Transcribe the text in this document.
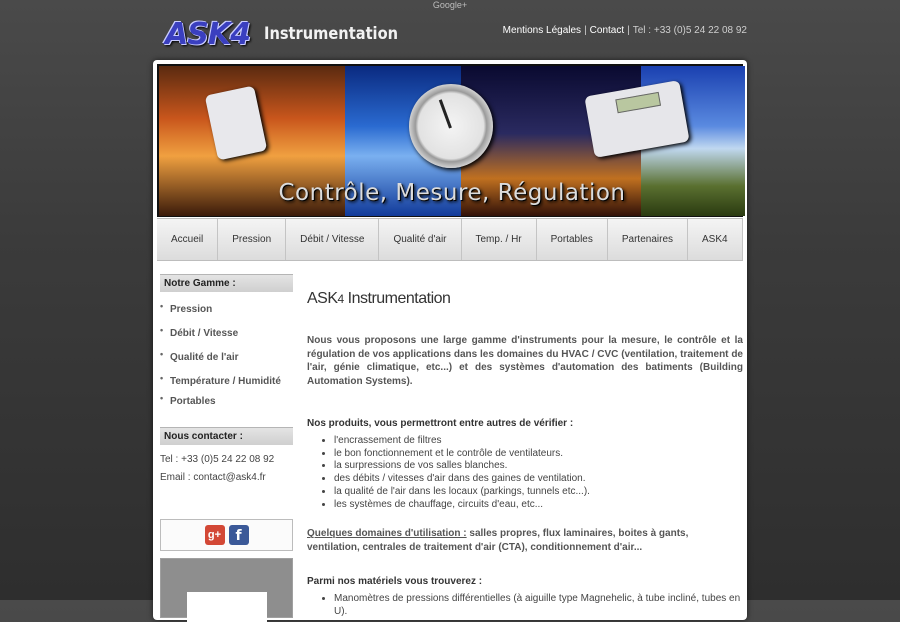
Google+
ASK4 Instrumentation	Mentions Légales | Contact | Tel : +33 (0)5 24 22 08 92
Contrôle, Mesure, Régulation
Accueil	Pression	Débit / Vitesse	Qualité d'air	Temp. / Hr	Portables	Partenaires	ASK4
Notre Gamme :
• Pression
• Débit / Vitesse
• Qualité de l'air
• Température / Humidité
• Portables
Nous contacter :
Tel : +33 (0)5 24 22 08 92
Email : contact@ask4.fr
g+	f
ASK4 Instrumentation

Nous vous proposons une large gamme d'instruments pour la mesure, le contrôle et la régulation de vos applications dans les domaines du HVAC / CVC (ventilation, traitement de l'air, génie climatique, etc...) et des systèmes d'automation des batiments (Building Automation Systems).

Nos produits, vous permettront entre autres de vérifier :

• l'encrassement de filtres
• le bon fonctionnement et le contrôle de ventilateurs.
• la surpressions de vos salles blanches.
• des débits / vitesses d'air dans des gaines de ventilation.
• la qualité de l'air dans les locaux (parkings, tunnels etc...).
• les systèmes de chauffage, circuits d'eau, etc...

Quelques domaines d'utilisation : salles propres, flux laminaires, boites à gants, ventilation, centrales de traitement d'air (CTA), conditionnement d'air...

Parmi nos matériels vous trouverez :

• Manomètres de pressions différentielles (à aiguille type Magnehelic, à tube incliné, tubes en U).
